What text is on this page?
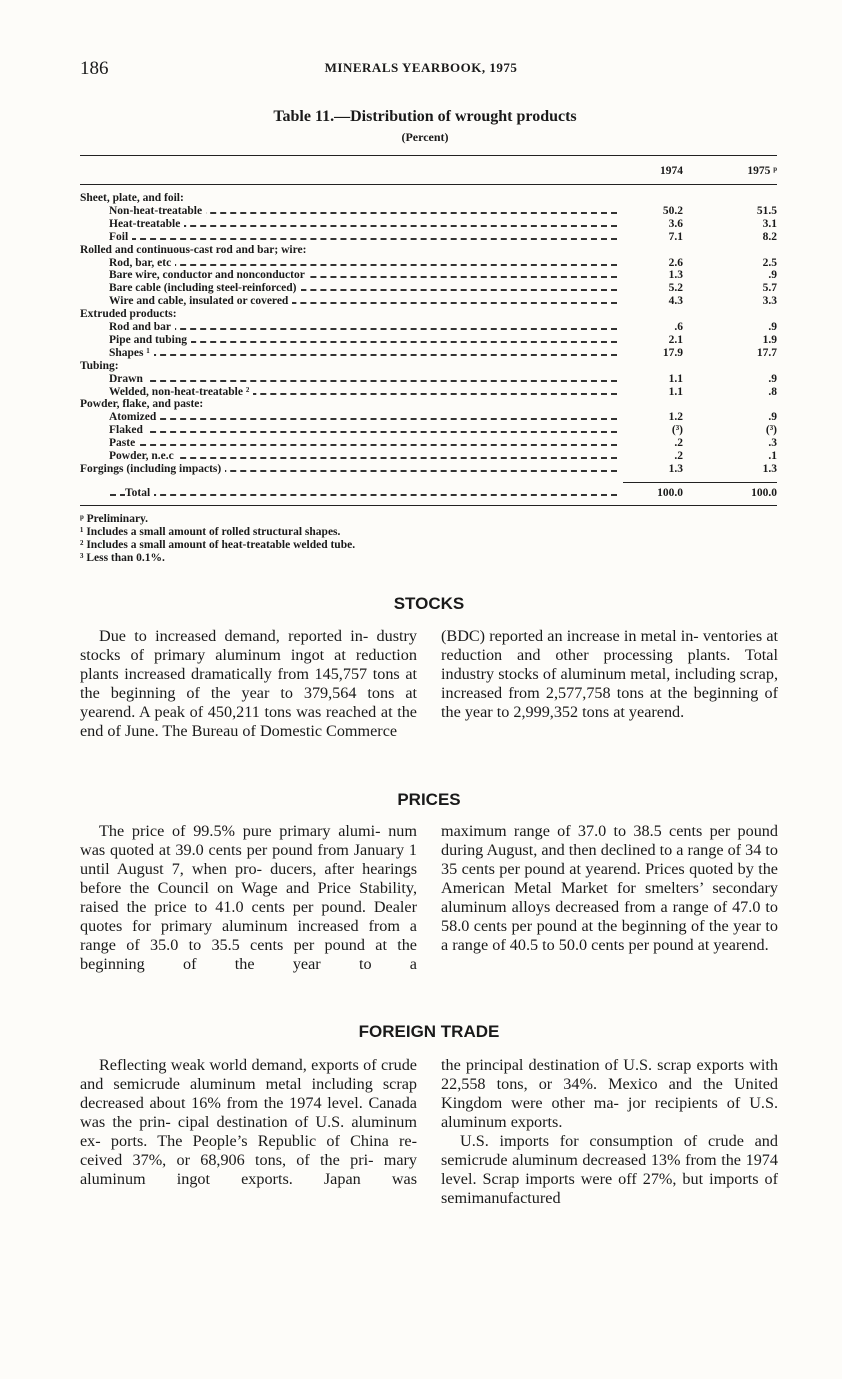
186	MINERALS YEARBOOK, 1975
Table 11.—Distribution of wrought products
(Percent)
1974	1975 ᵖ
Sheet, plate, and foil:
Non-heat-treatable	50.2	51.5
Heat-treatable	3.6	3.1
Foil	7.1	8.2
Rolled and continuous-cast rod and bar; wire:
Rod, bar, etc	2.6	2.5
Bare wire, conductor and nonconductor	1.3	.9
Bare cable (including steel-reinforced)	5.2	5.7
Wire and cable, insulated or covered	4.3	3.3
Extruded products:
Rod and bar	.6	.9
Pipe and tubing	2.1	1.9
Shapes ¹	17.9	17.7
Tubing:
Drawn	1.1	.9
Welded, non-heat-treatable ²	1.1	.8
Powder, flake, and paste:
Atomized	1.2	.9
Flaked	(³)	(³)
Paste	.2	.3
Powder, n.e.c	.2	.1
Forgings (including impacts)	1.3	1.3
Total	100.0	100.0
ᵖ Preliminary.
¹ Includes a small amount of rolled structural shapes.
² Includes a small amount of heat-treatable welded tube.
³ Less than 0.1%.
STOCKS
Due to increased demand, reported in- dustry stocks of primary aluminum ingot at reduction plants increased dramatically from 145,757 tons at the beginning of the year to 379,564 tons at yearend. A peak of 450,211 tons was reached at the end of June. The Bureau of Domestic Commerce
(BDC) reported an increase in metal in- ventories at reduction and other processing plants. Total industry stocks of aluminum metal, including scrap, increased from 2,577,758 tons at the beginning of the year to 2,999,352 tons at yearend.
PRICES
The price of 99.5% pure primary alumi- num was quoted at 39.0 cents per pound from January 1 until August 7, when pro- ducers, after hearings before the Council on Wage and Price Stability, raised the price to 41.0 cents per pound. Dealer quotes for primary aluminum increased from a range of 35.0 to 35.5 cents per pound at the beginning of the year to a
maximum range of 37.0 to 38.5 cents per pound during August, and then declined to a range of 34 to 35 cents per pound at yearend. Prices quoted by the American Metal Market for smelters’ secondary aluminum alloys decreased from a range of 47.0 to 58.0 cents per pound at the beginning of the year to a range of 40.5 to 50.0 cents per pound at yearend.
FOREIGN TRADE
Reflecting weak world demand, exports of crude and semicrude aluminum metal including scrap decreased about 16% from the 1974 level. Canada was the prin- cipal destination of U.S. aluminum ex- ports. The People’s Republic of China re- ceived 37%, or 68,906 tons, of the pri- mary aluminum ingot exports. Japan was
the principal destination of U.S. scrap exports with 22,558 tons, or 34%. Mexico and the United Kingdom were other ma- jor recipients of U.S. aluminum exports.
U.S. imports for consumption of crude and semicrude aluminum decreased 13% from the 1974 level. Scrap imports were off 27%, but imports of semimanufactured
